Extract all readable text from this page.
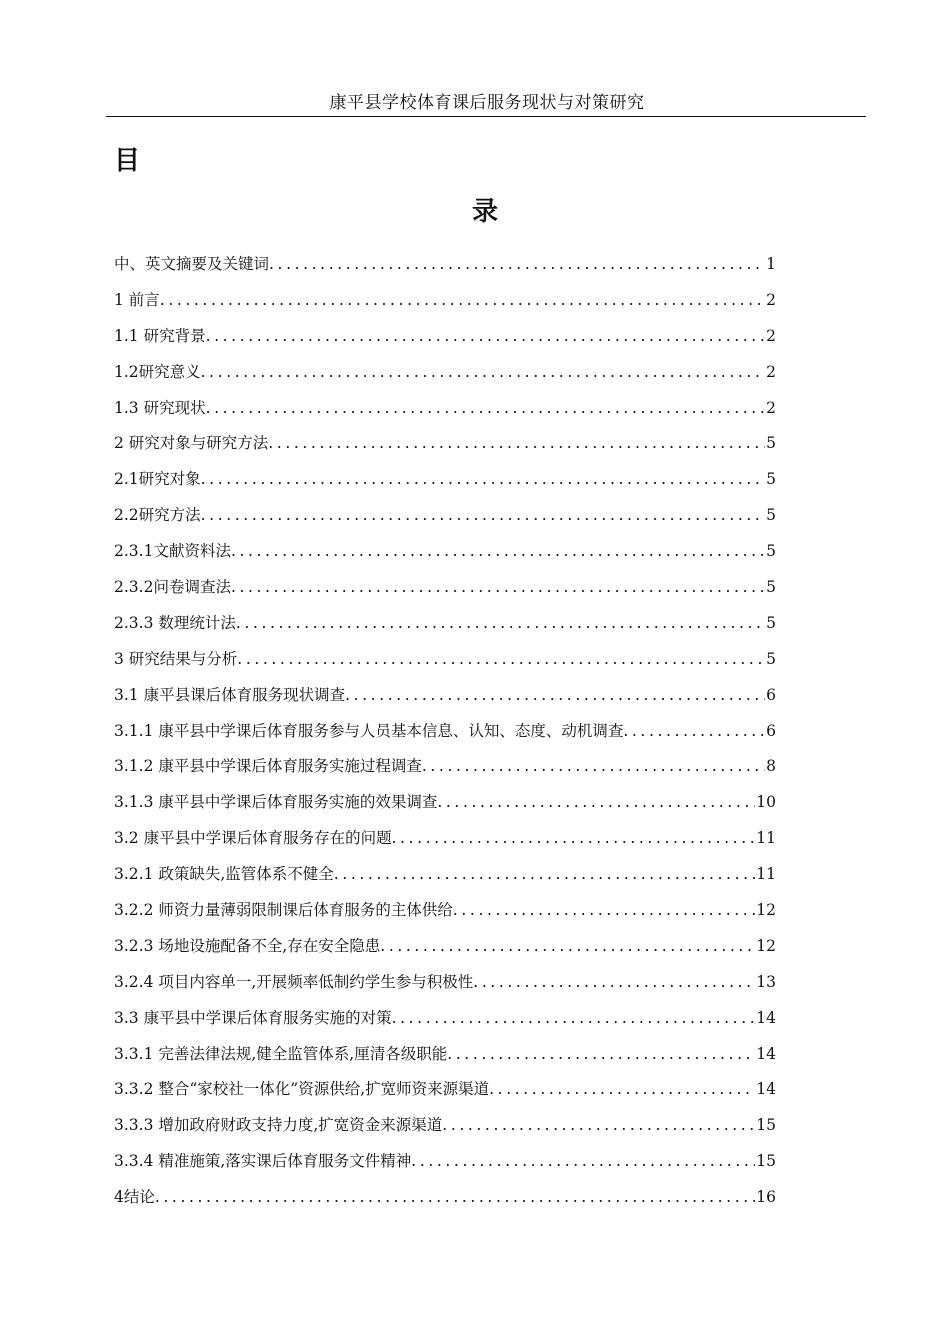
康平县学校体育课后服务现状与对策研究
目
录
中、英文摘要及关键词 .....	1
1 前言 .....	2
1.1 研究背景 .....	2
1.2研究意义 .....	2
1.3 研究现状 .....	2
2 研究对象与研究方法 .....	5
2.1研究对象 .....	5
2.2研究方法 .....	5
2.3.1文献资料法 .....	5
2.3.2问卷调查法 .....	5
2.3.3 数理统计法 .....	5
3 研究结果与分析 .....	5
3.1 康平县课后体育服务现状调查 .....	6
3.1.1 康平县中学课后体育服务参与人员基本信息、认知、态度、动机调查 .....	6
3.1.2 康平县中学课后体育服务实施过程调查 .....	8
3.1.3 康平县中学课后体育服务实施的效果调查 .....	10
3.2 康平县中学课后体育服务存在的问题 .....	11
3.2.1 政策缺失,监管体系不健全 .....	11
3.2.2 师资力量薄弱限制课后体育服务的主体供给 .....	12
3.2.3 场地设施配备不全,存在安全隐患 .....	12
3.2.4 项目内容单一,开展频率低制约学生参与积极性 .....	13
3.3 康平县中学课后体育服务实施的对策 .....	14
3.3.1 完善法律法规,健全监管体系,厘清各级职能 .....	14
3.3.2 整合“家校社一体化”资源供给,扩宽师资来源渠道 .....	14
3.3.3 增加政府财政支持力度,扩宽资金来源渠道 .....	15
3.3.4 精准施策,落实课后体育服务文件精神 .....	15
4结论 .....	16
